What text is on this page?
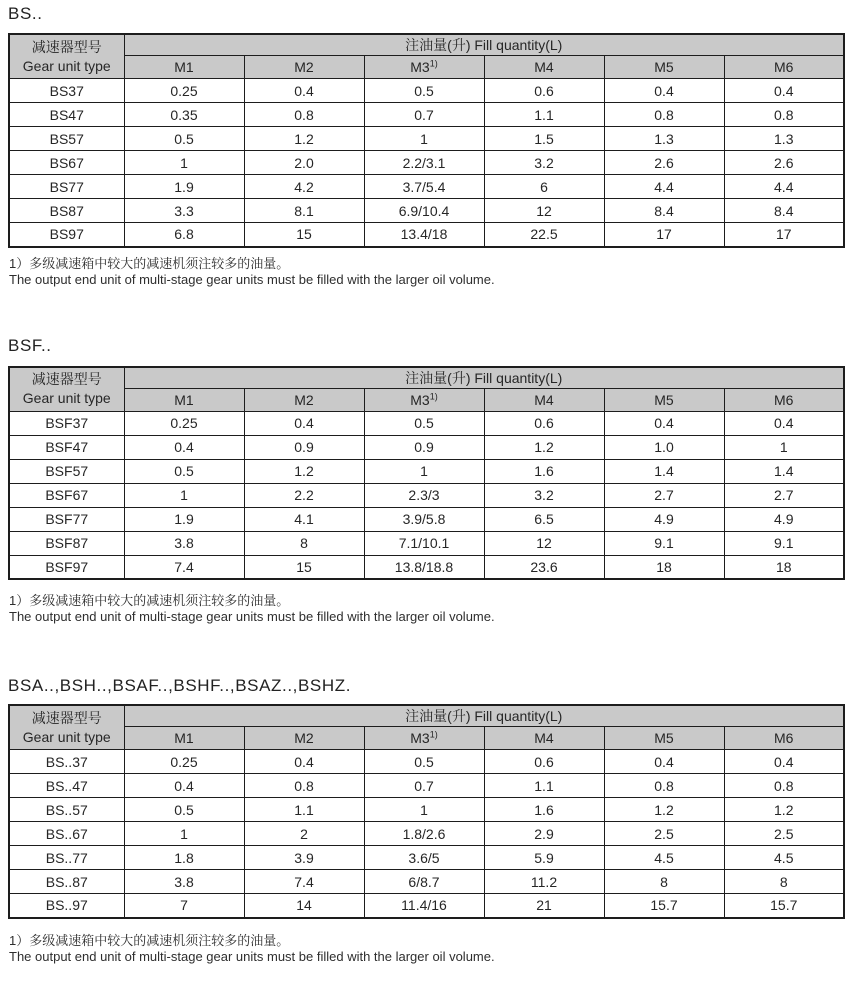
BS..
减速器型号
Gear unit type	注油量(升) Fill quantity(L)					
	M1	M2	M3$^{1)}$	M4	M5	M6
BS37	0.25	0.4	0.5	0.6	0.4	0.4
BS47	0.35	0.8	0.7	1.1	0.8	0.8
BS57	0.5	1.2	1	1.5	1.3	1.3
BS67	1	2.0	2.2/3.1	3.2	2.6	2.6
BS77	1.9	4.2	3.7/5.4	6	4.4	4.4
BS87	3.3	8.1	6.9/10.4	12	8.4	8.4
BS97	6.8	15	13.4/18	22.5	17	17

1）多级减速箱中较大的减速机须注较多的油量。
The output end unit of multi-stage gear units must be filled with the larger oil volume.

BSF..
减速器型号
Gear unit type	注油量(升) Fill quantity(L)					
	M1	M2	M3$^{1)}$	M4	M5	M6
BSF37	0.25	0.4	0.5	0.6	0.4	0.4
BSF47	0.4	0.9	0.9	1.2	1.0	1
BSF57	0.5	1.2	1	1.6	1.4	1.4
BSF67	1	2.2	2.3/3	3.2	2.7	2.7
BSF77	1.9	4.1	3.9/5.8	6.5	4.9	4.9
BSF87	3.8	8	7.1/10.1	12	9.1	9.1
BSF97	7.4	15	13.8/18.8	23.6	18	18

1）多级减速箱中较大的减速机须注较多的油量。
The output end unit of multi-stage gear units must be filled with the larger oil volume.

BSA..,BSH..,BSAF..,BSHF..,BSAZ..,BSHZ.
减速器型号
Gear unit type	注油量(升) Fill quantity(L)					
	M1	M2	M3$^{1)}$	M4	M5	M6
BS..37	0.25	0.4	0.5	0.6	0.4	0.4
BS..47	0.4	0.8	0.7	1.1	0.8	0.8
BS..57	0.5	1.1	1	1.6	1.2	1.2
BS..67	1	2	1.8/2.6	2.9	2.5	2.5
BS..77	1.8	3.9	3.6/5	5.9	4.5	4.5
BS..87	3.8	7.4	6/8.7	11.2	8	8
BS..97	7	14	11.4/16	21	15.7	15.7

1）多级减速箱中较大的减速机须注较多的油量。
The output end unit of multi-stage gear units must be filled with the larger oil volume.
